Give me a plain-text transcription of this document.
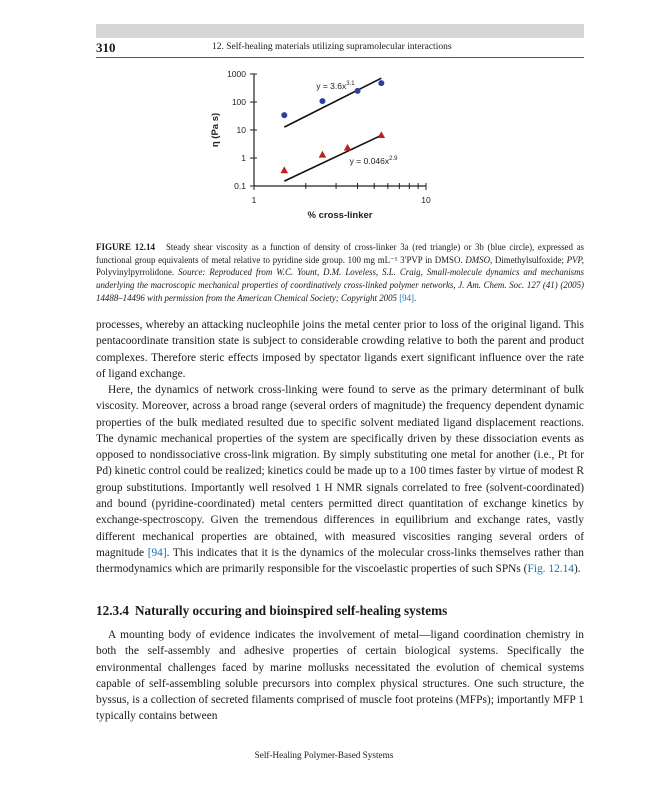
310	12. Self-healing materials utilizing supramolecular interactions
1000
100
10
1
0.1
1	10
% cross-linker
η (Pa s)
$y = 3.6x^{3.1}$
$y = 0.046x^{2.9}$

FIGURE 12.14 Steady shear viscosity as a function of density of cross-linker 3a (red triangle) or 3b (blue circle), expressed as functional group equivalents of metal relative to pyridine side group. 100 mg mL⁻¹ 3′PVP in DMSO. DMSO, Dimethylsulfoxide; PVP, Polyvinylpyrrolidone. Source: Reproduced from W.C. Yount, D.M. Loveless, S.L. Craig, Small-molecule dynamics and mechanisms underlying the macroscopic mechanical properties of coordinatively cross-linked polymer networks, J. Am. Chem. Soc. 127 (41) (2005) 14488–14496 with permission from the American Chemical Society; Copyright 2005 [94].

processes, whereby an attacking nucleophile joins the metal center prior to loss of the original ligand. This pentacoordinate transition state is subject to considerable crowding relative to both the parent and product complexes. Therefore steric effects imposed by spectator ligands exert significant influence over the rate of ligand exchange.

Here, the dynamics of network cross-linking were found to serve as the primary determinant of bulk viscosity. Moreover, across a broad range (several orders of magnitude) the frequency dependent dynamic properties of the bulk mediated resulted due to specific solvent mediated ligand displacement reactions. The dynamic mechanical properties of the system are specifically driven by these dissociation events as opposed to nondissociative cross-link migration. By simply substituting one metal for another (i.e., Pt for Pd) kinetic control could be realized; kinetics could be made up to a 100 times faster by virtue of modest R group substitutions. Importantly well resolved 1 H NMR signals correlated to free (solvent-coordinated) and bound (pyridine-coordinated) metal centers permitted direct quantitation of exchange kinetics by exchange-spectroscopy. Given the tremendous differences in equilibrium and exchange rates, vastly different mechanical properties are obtained, with measured viscosities ranging several orders of magnitude [94]. This indicates that it is the dynamics of the molecular cross-links themselves rather than thermodynamics which are primarily responsible for the viscoelastic properties of such SPNs (Fig. 12.14).

12.3.4 Naturally occuring and bioinspired self-healing systems

A mounting body of evidence indicates the involvement of metal—ligand coordination chemistry in both the self-assembly and adhesive properties of certain biological systems. Specifically the environmental challenges faced by marine mollusks necessitated the evolution of chemical systems capable of self-assembling soluble precursors into complex physical structures. One such structure, the byssus, is a collection of secreted filaments comprised of muscle foot proteins (MFPs); importantly MFP 1 typically contains between

Self-Healing Polymer-Based Systems
